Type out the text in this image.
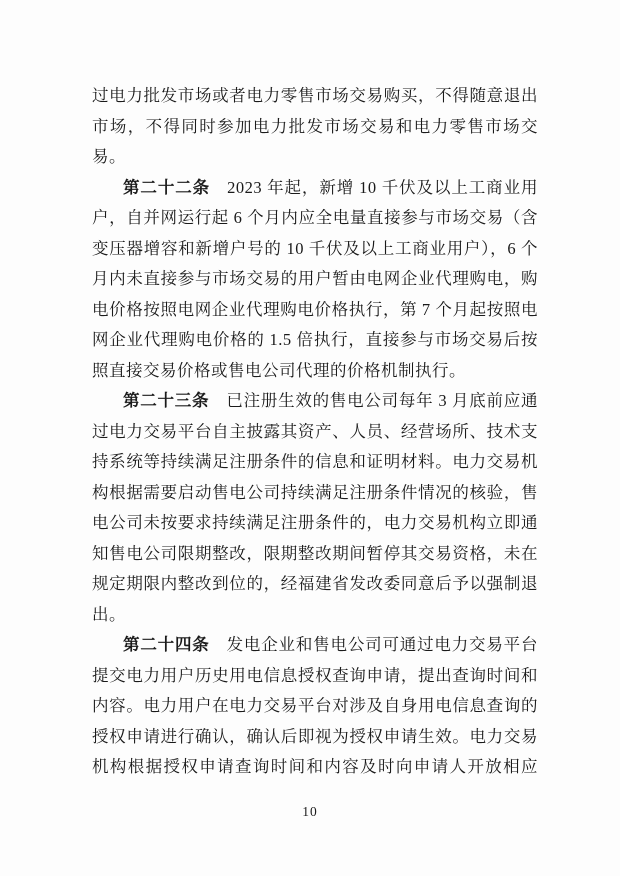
过电力批发市场或者电力零售市场交易购买，不得随意退出
市场，不得同时参加电力批发市场交易和电力零售市场交
易。
第二十二条 2023 年起，新增 10 千伏及以上工商业用
户，自并网运行起 6 个月内应全电量直接参与市场交易（含
变压器增容和新增户号的 10 千伏及以上工商业用户），6 个
月内未直接参与市场交易的用户暂由电网企业代理购电，购
电价格按照电网企业代理购电价格执行，第 7 个月起按照电
网企业代理购电价格的 1.5 倍执行，直接参与市场交易后按
照直接交易价格或售电公司代理的价格机制执行。
第二十三条 已注册生效的售电公司每年 3 月底前应通
过电力交易平台自主披露其资产、人员、经营场所、技术支
持系统等持续满足注册条件的信息和证明材料。电力交易机
构根据需要启动售电公司持续满足注册条件情况的核验，售
电公司未按要求持续满足注册条件的，电力交易机构立即通
知售电公司限期整改，限期整改期间暂停其交易资格，未在
规定期限内整改到位的，经福建省发改委同意后予以强制退
出。
第二十四条 发电企业和售电公司可通过电力交易平台
提交电力用户历史用电信息授权查询申请，提出查询时间和
内容。电力用户在电力交易平台对涉及自身用电信息查询的
授权申请进行确认，确认后即视为授权申请生效。电力交易
机构根据授权申请查询时间和内容及时向申请人开放相应
10
